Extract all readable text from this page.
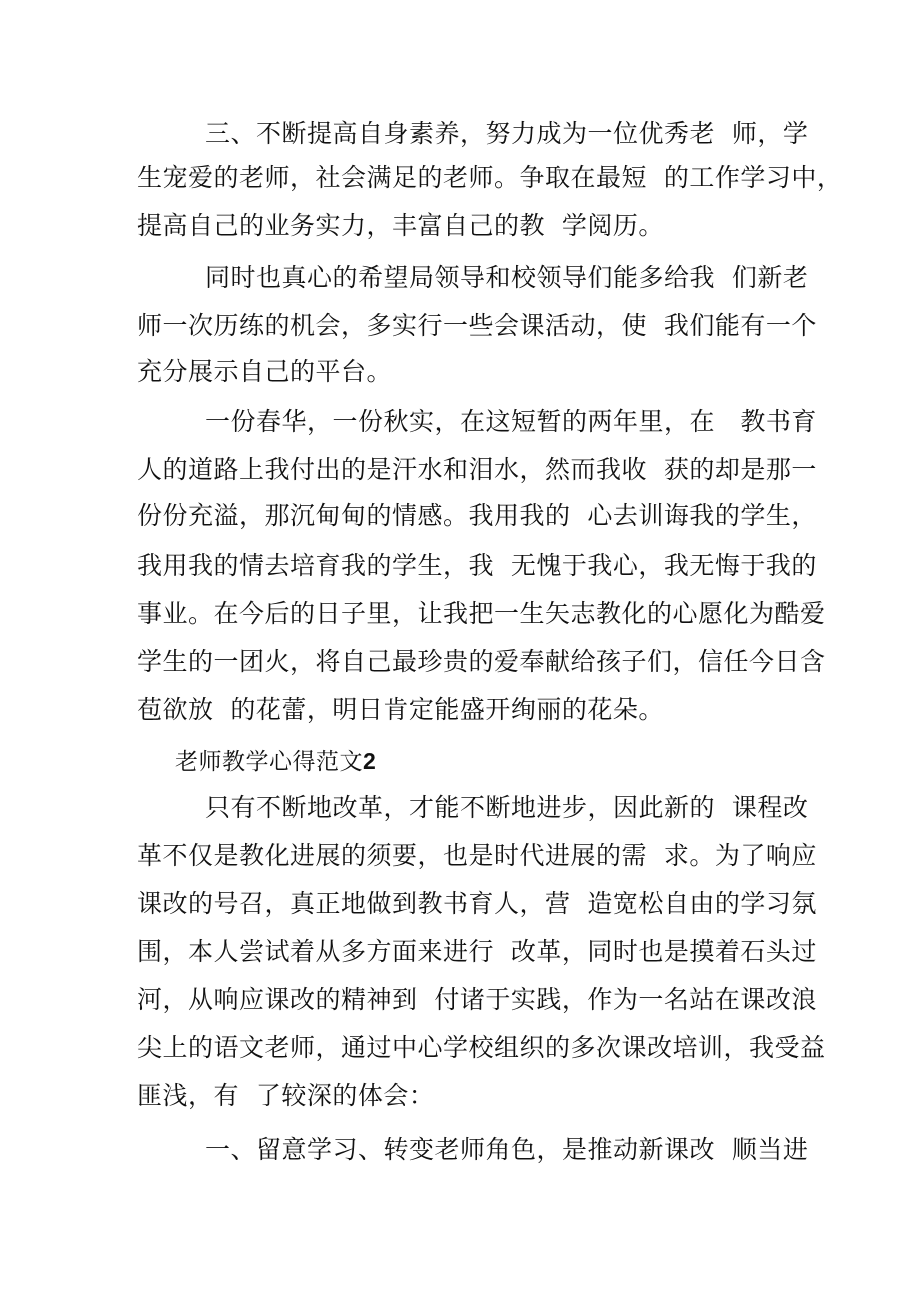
三、不断提高自身素养，努力成为一位优秀老  师，学
生宠爱的老师，社会满足的老师。争取在最短  的工作学习中，
提高自己的业务实力，丰富自己的教  学阅历。
同时也真心的希望局领导和校领导们能多给我  们新老
师一次历练的机会，多实行一些会课活动，使  我们能有一个
充分展示自己的平台。
一份春华，一份秋实，在这短暂的两年里，在   教书育
人的道路上我付出的是汗水和泪水，然而我收  获的却是那一
份份充溢，那沉甸甸的情感。我用我的  心去训诲我的学生，
我用我的情去培育我的学生，我  无愧于我心，我无悔于我的
事业。在今后的日子里，让我把一生矢志教化的心愿化为酷爱
学生的一团火，将自己最珍贵的爱奉献给孩子们，信任今日含
苞欲放  的花蕾，明日肯定能盛开绚丽的花朵。
老师教学心得范文2
只有不断地改革，才能不断地进步，因此新的  课程改
革不仅是教化进展的须要，也是时代进展的需  求。为了响应
课改的号召，真正地做到教书育人，营  造宽松自由的学习氛
围，本人尝试着从多方面来进行  改革，同时也是摸着石头过
河，从响应课改的精神到  付诸于实践，作为一名站在课改浪
尖上的语文老师，通过中心学校组织的多次课改培训，我受益
匪浅，有  了较深的体会：
一、留意学习、转变老师角色，是推动新课改  顺当进
